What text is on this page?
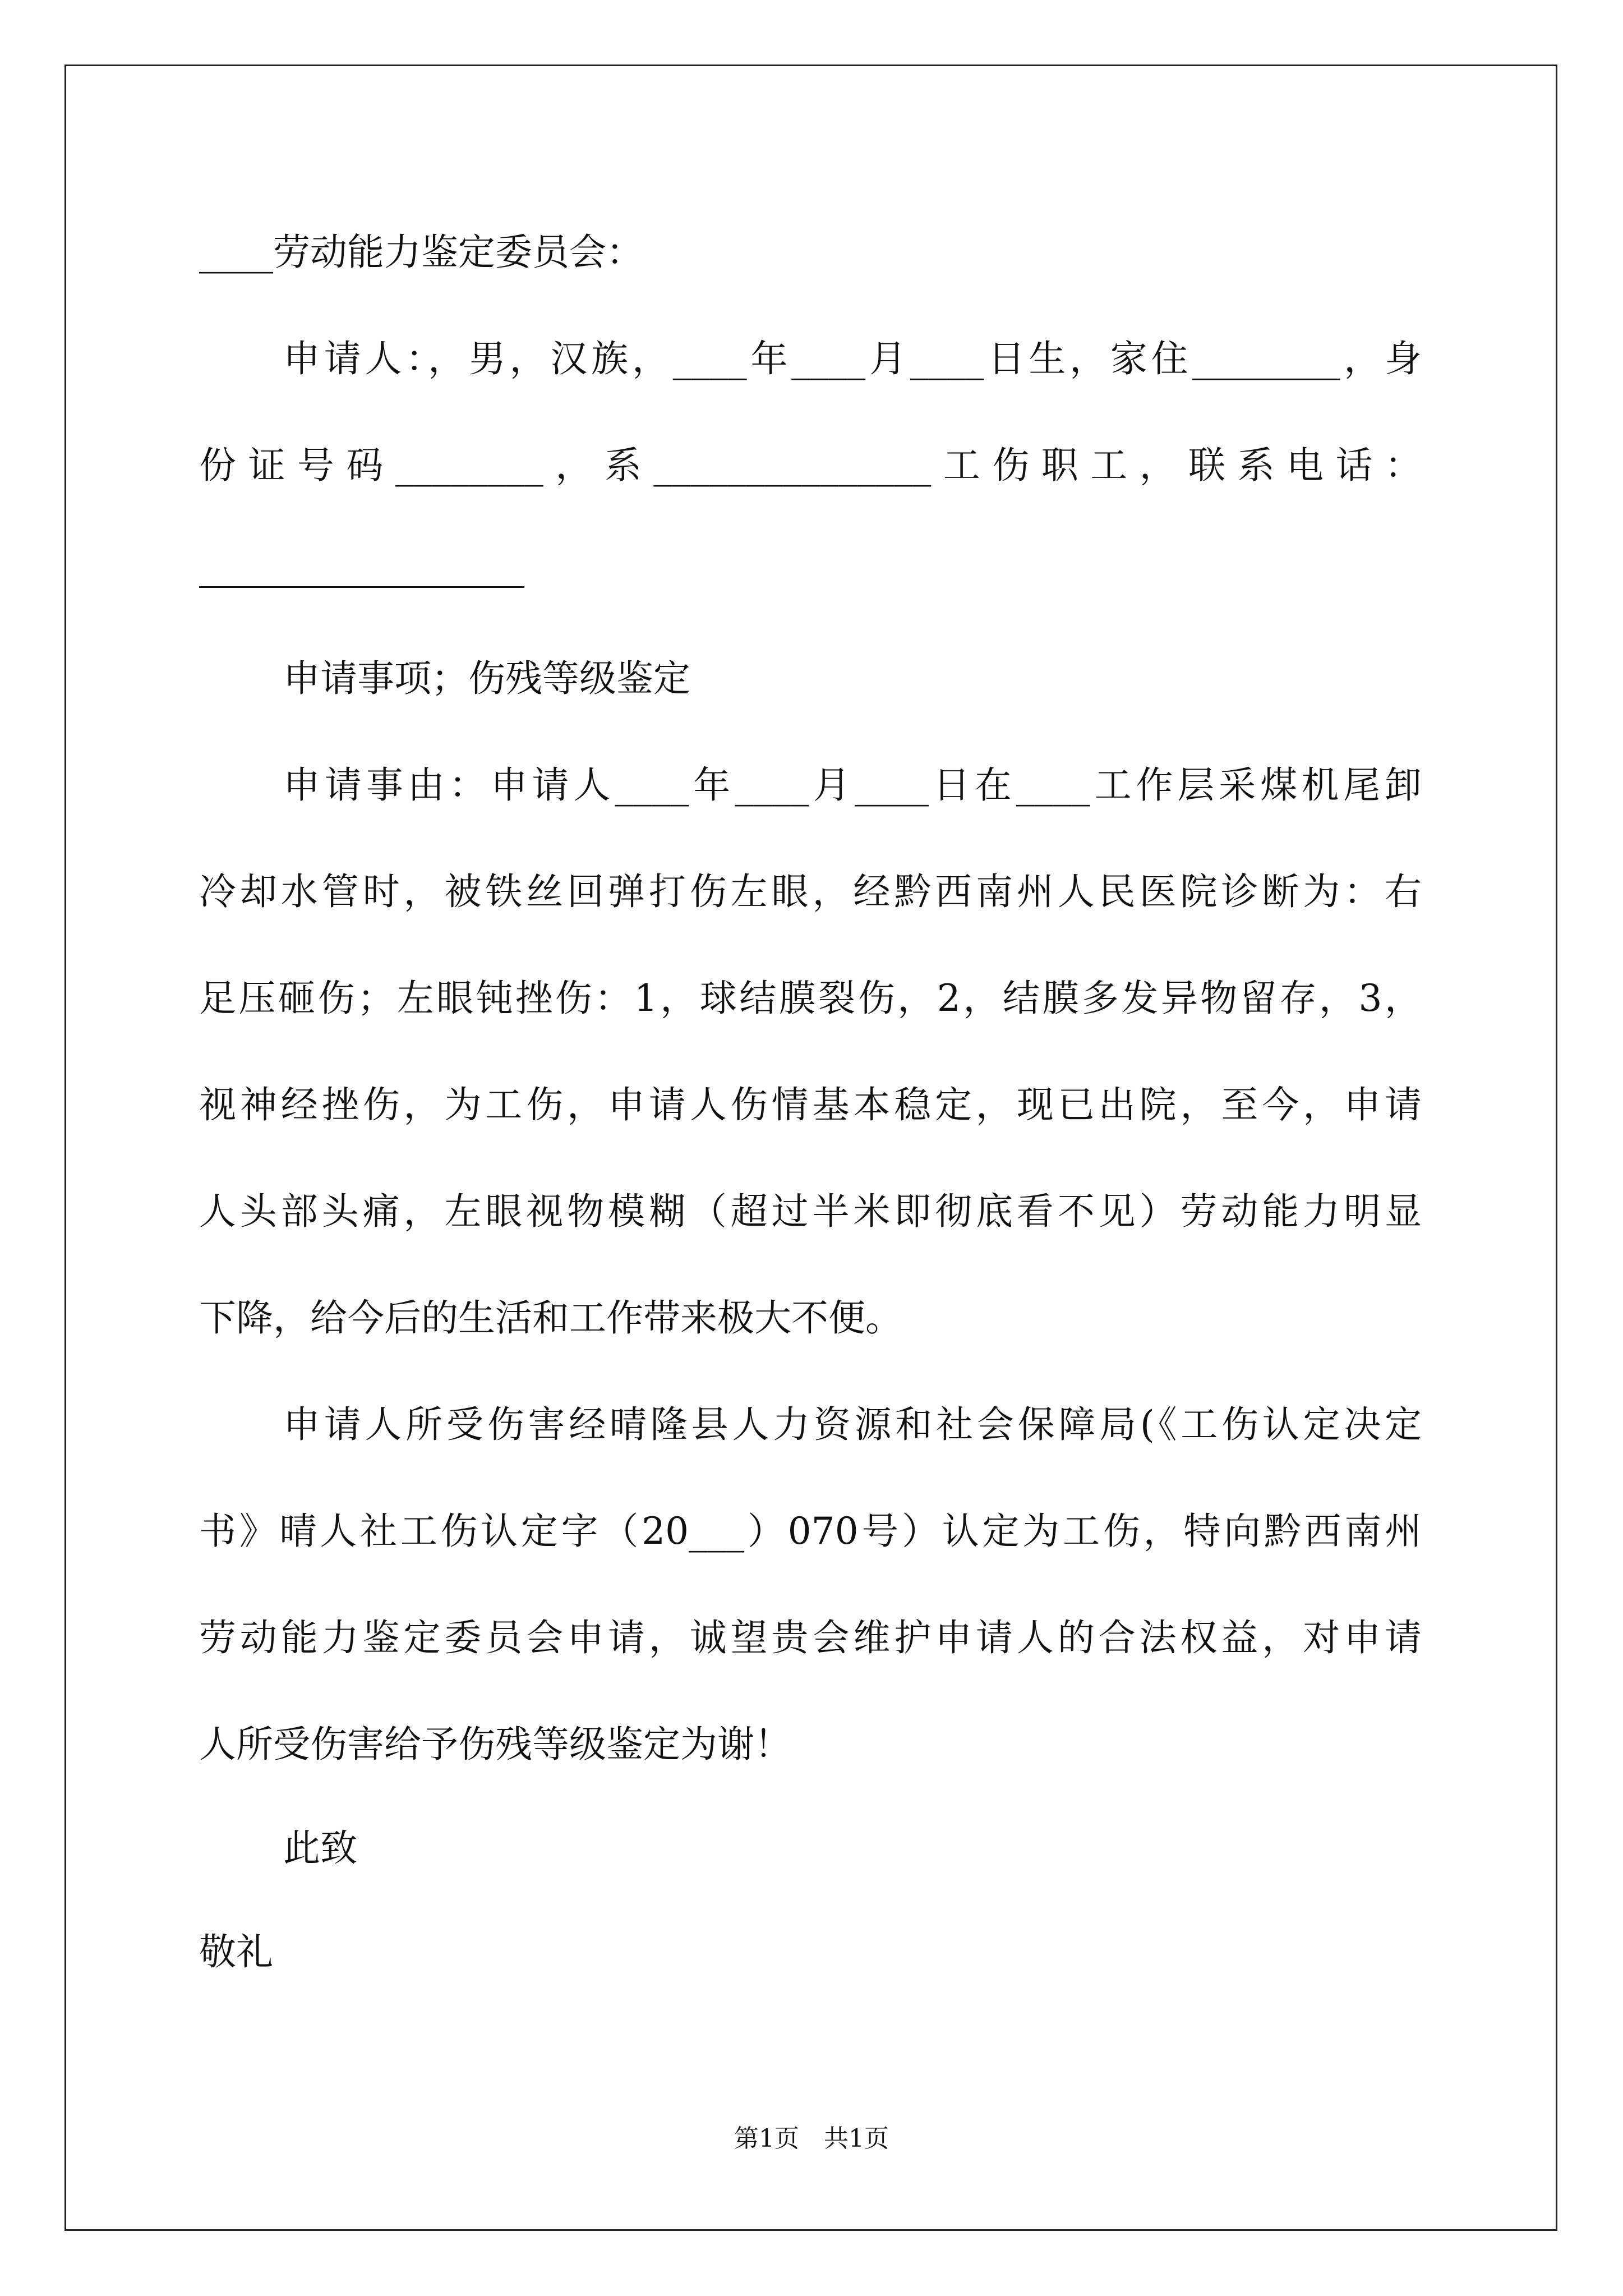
____劳动能力鉴定委员会：
申请人：，男，汉族，____年____月____日生，家住________，身
份证号码________，系_______________工伤职工，联系电话：
申请事项；伤残等级鉴定
申请事由：申请人____年____月____日在____工作层采煤机尾卸
冷却水管时，被铁丝回弹打伤左眼，经黔西南州人民医院诊断为：右
足压砸伤；左眼钝挫伤：1，球结膜裂伤，2，结膜多发异物留存，3，
视神经挫伤，为工伤，申请人伤情基本稳定，现已出院，至今，申请
人头部头痛，左眼视物模糊（超过半米即彻底看不见）劳动能力明显
下降，给今后的生活和工作带来极大不便。
申请人所受伤害经晴隆县人力资源和社会保障局(《工伤认定决定
书》晴人社工伤认定字（20___）070号）认定为工伤，特向黔西南州
劳动能力鉴定委员会申请，诚望贵会维护申请人的合法权益，对申请
人所受伤害给予伤残等级鉴定为谢！
此致
敬礼
第1页　共1页
